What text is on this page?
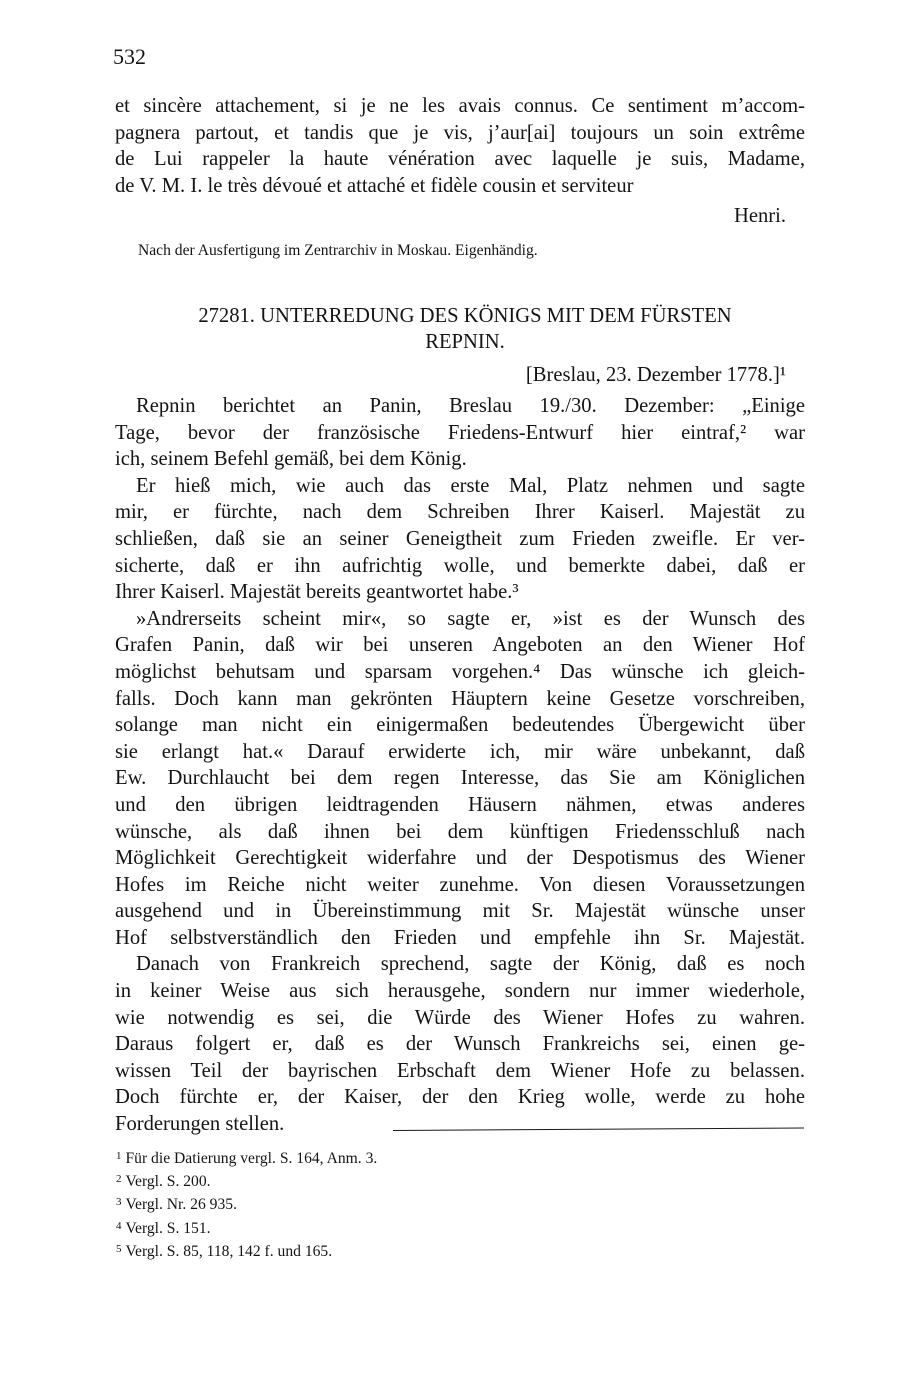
532
et sincère attachement, si je ne les avais connus. Ce sentiment m’accom-
pagnera partout, et tandis que je vis, j’aur[ai] toujours un soin extrême
de Lui rappeler la haute vénération avec laquelle je suis, Madame,
de V. M. I. le très dévoué et attaché et fidèle cousin et serviteur
Henri.
Nach der Ausfertigung im Zentrarchiv in Moskau. Eigenhändig.
27281. UNTERREDUNG DES KÖNIGS MIT DEM FÜRSTEN
REPNIN.
[Breslau, 23. Dezember 1778.]¹
Repnin berichtet an Panin, Breslau 19./30. Dezember: „Einige
Tage, bevor der französische Friedens-Entwurf hier eintraf,² war
ich, seinem Befehl gemäß, bei dem König.
Er hieß mich, wie auch das erste Mal, Platz nehmen und sagte
mir, er fürchte, nach dem Schreiben Ihrer Kaiserl. Majestät zu
schließen, daß sie an seiner Geneigtheit zum Frieden zweifle. Er ver-
sicherte, daß er ihn aufrichtig wolle, und bemerkte dabei, daß er
Ihrer Kaiserl. Majestät bereits geantwortet habe.³
»Andrerseits scheint mir«, so sagte er, »ist es der Wunsch des
Grafen Panin, daß wir bei unseren Angeboten an den Wiener Hof
möglichst behutsam und sparsam vorgehen.⁴ Das wünsche ich gleich-
falls. Doch kann man gekrönten Häuptern keine Gesetze vorschreiben,
solange man nicht ein einigermaßen bedeutendes Übergewicht über
sie erlangt hat.« Darauf erwiderte ich, mir wäre unbekannt, daß
Ew. Durchlaucht bei dem regen Interesse, das Sie am Königlichen
und den übrigen leidtragenden Häusern nähmen, etwas anderes
wünsche, als daß ihnen bei dem künftigen Friedensschluß nach
Möglichkeit Gerechtigkeit widerfahre und der Despotismus des Wiener
Hofes im Reiche nicht weiter zunehme. Von diesen Voraussetzungen
ausgehend und in Übereinstimmung mit Sr. Majestät wünsche unser
Hof selbstverständlich den Frieden und empfehle ihn Sr. Majestät.
Danach von Frankreich sprechend, sagte der König, daß es noch
in keiner Weise aus sich herausgehe, sondern nur immer wiederhole,
wie notwendig es sei, die Würde des Wiener Hofes zu wahren.
Daraus folgert er, daß es der Wunsch Frankreichs sei, einen ge-
wissen Teil der bayrischen Erbschaft dem Wiener Hofe zu belassen.
Doch fürchte er, der Kaiser, der den Krieg wolle, werde zu hohe
Forderungen stellen.
$^1$ Für die Datierung vergl. S. 164, Anm. 3.
$^2$ Vergl. S. 200.
$^3$ Vergl. Nr. 26 935.
$^4$ Vergl. S. 151.
$^5$ Vergl. S. 85, 118, 142 f. und 165.
